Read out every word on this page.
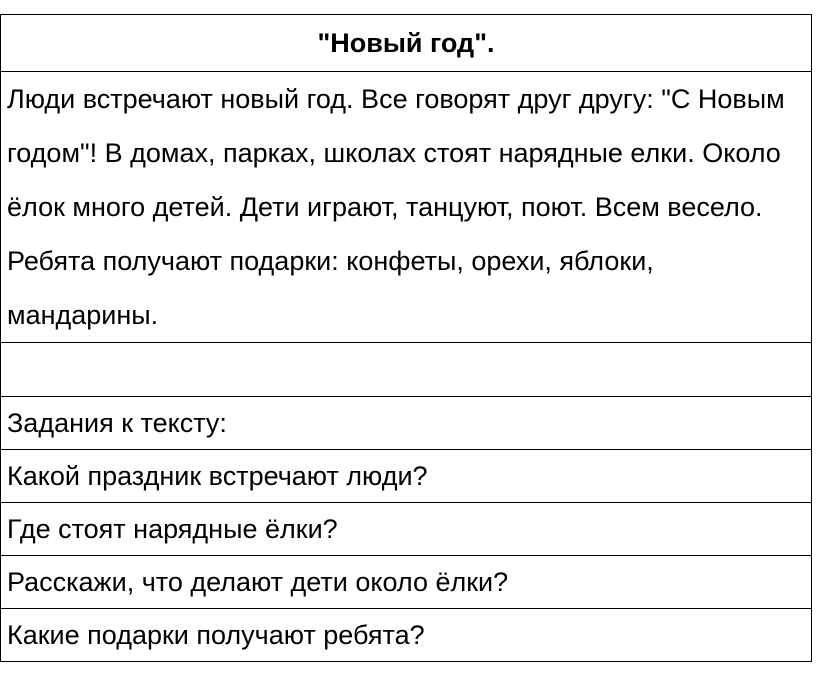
"Новый год".

Люди встречают новый год. Все говорят друг другу: "С Новым годом"! В домах, парках, школах стоят нарядные елки. Около ёлок много детей. Дети играют, танцуют, поют. Всем весело. Ребята получают подарки: конфеты, орехи, яблоки, мандарины.

Задания к тексту:
Какой праздник встречают люди?
Где стоят нарядные ёлки?
Расскажи, что делают дети около ёлки?
Какие подарки получают ребята?
